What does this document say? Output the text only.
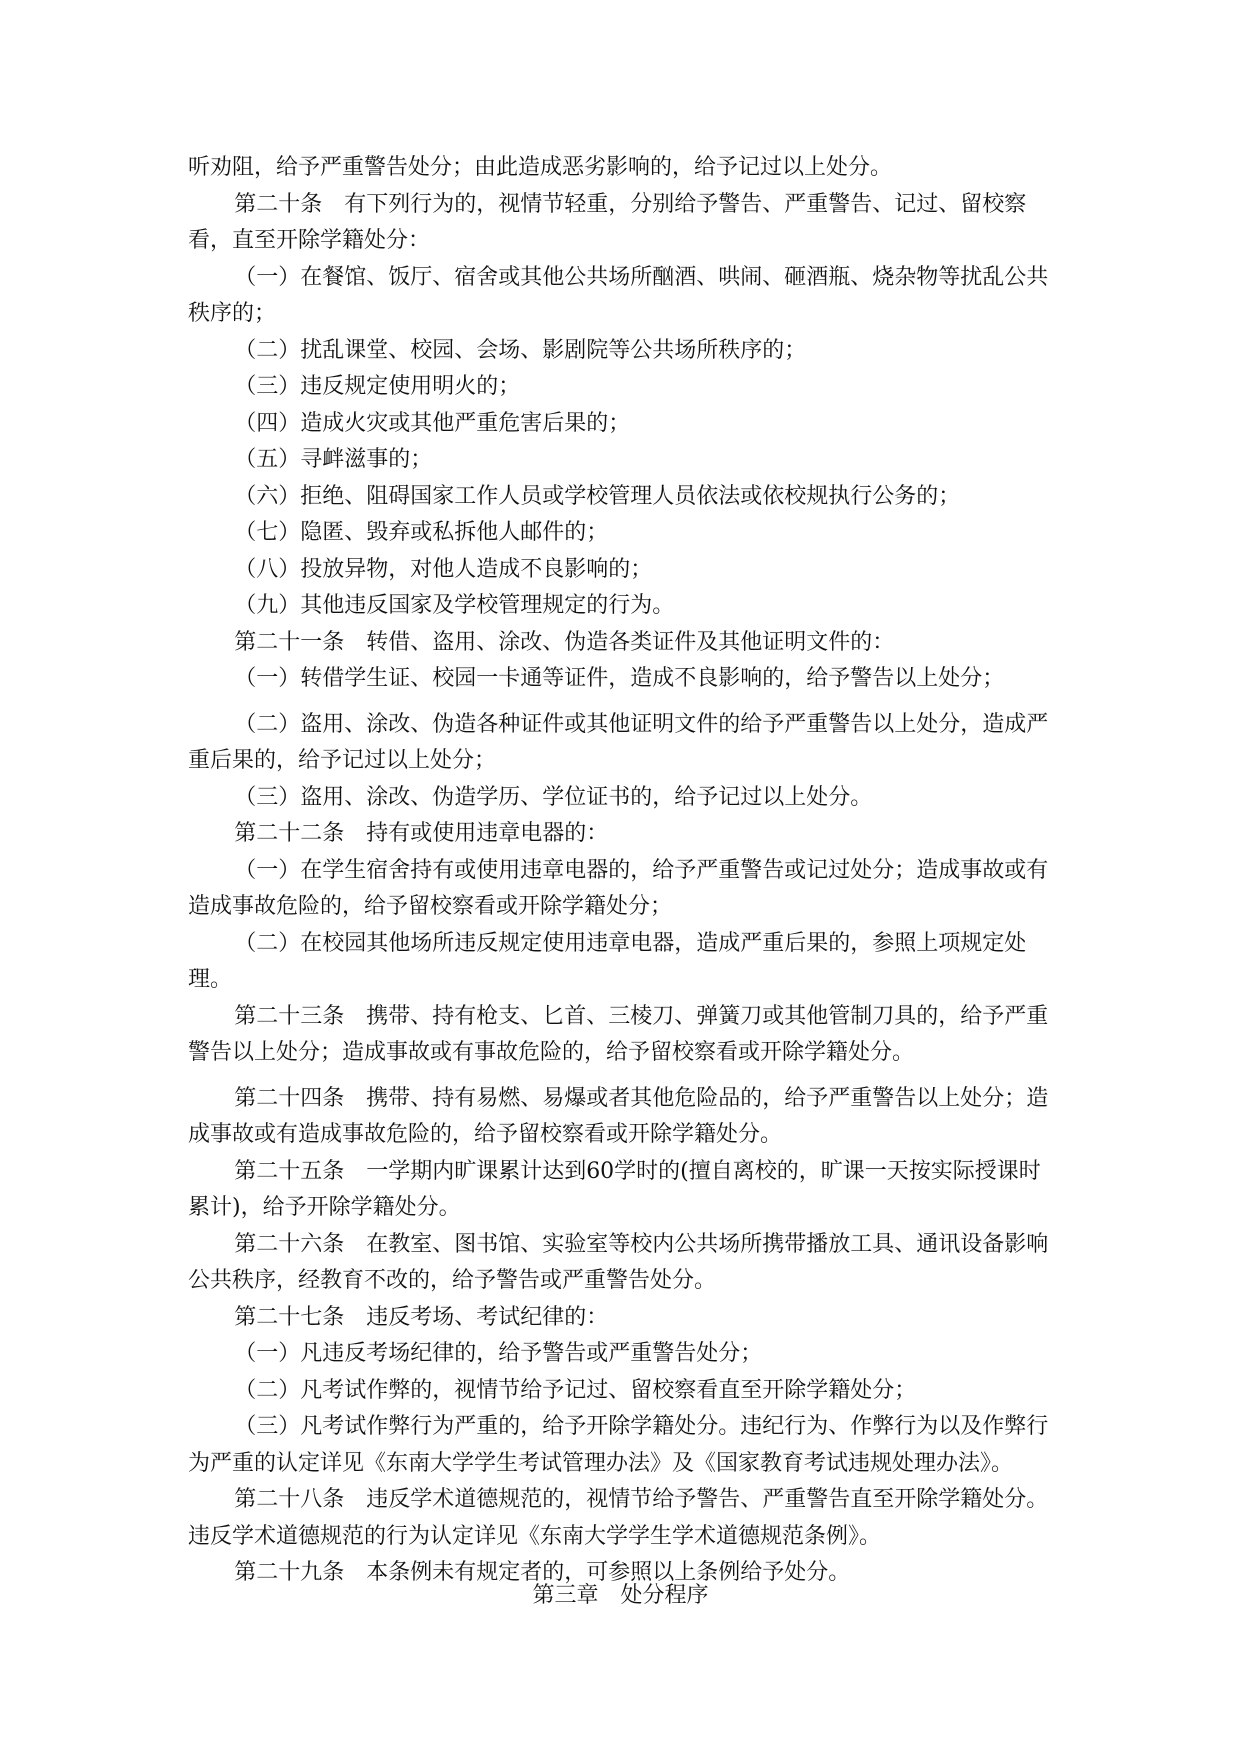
听劝阻，给予严重警告处分；由此造成恶劣影响的，给予记过以上处分。

第二十条　有下列行为的，视情节轻重，分别给予警告、严重警告、记过、留校察看，直至开除学籍处分：

（一）在餐馆、饭厅、宿舍或其他公共场所酗酒、哄闹、砸酒瓶、烧杂物等扰乱公共秩序的；

（二）扰乱课堂、校园、会场、影剧院等公共场所秩序的；

（三）违反规定使用明火的；

（四）造成火灾或其他严重危害后果的；

（五）寻衅滋事的；

（六）拒绝、阻碍国家工作人员或学校管理人员依法或依校规执行公务的；

（七）隐匿、毁弃或私拆他人邮件的；

（八）投放异物，对他人造成不良影响的；

（九）其他违反国家及学校管理规定的行为。

第二十一条　转借、盗用、涂改、伪造各类证件及其他证明文件的：

（一）转借学生证、校园一卡通等证件，造成不良影响的，给予警告以上处分；

（二）盗用、涂改、伪造各种证件或其他证明文件的给予严重警告以上处分，造成严重后果的，给予记过以上处分；

（三）盗用、涂改、伪造学历、学位证书的，给予记过以上处分。

第二十二条　持有或使用违章电器的：

（一）在学生宿舍持有或使用违章电器的，给予严重警告或记过处分；造成事故或有造成事故危险的，给予留校察看或开除学籍处分；

（二）在校园其他场所违反规定使用违章电器，造成严重后果的，参照上项规定处理。

第二十三条　携带、持有枪支、匕首、三棱刀、弹簧刀或其他管制刀具的，给予严重警告以上处分；造成事故或有事故危险的，给予留校察看或开除学籍处分。

第二十四条　携带、持有易燃、易爆或者其他危险品的，给予严重警告以上处分；造成事故或有造成事故危险的，给予留校察看或开除学籍处分。

第二十五条　一学期内旷课累计达到60学时的(擅自离校的，旷课一天按实际授课时累计)，给予开除学籍处分。

第二十六条　在教室、图书馆、实验室等校内公共场所携带播放工具、通讯设备影响公共秩序，经教育不改的，给予警告或严重警告处分。

第二十七条　违反考场、考试纪律的：

（一）凡违反考场纪律的，给予警告或严重警告处分；

（二）凡考试作弊的，视情节给予记过、留校察看直至开除学籍处分；

（三）凡考试作弊行为严重的，给予开除学籍处分。违纪行为、作弊行为以及作弊行为严重的认定详见《东南大学学生考试管理办法》及《国家教育考试违规处理办法》。

第二十八条　违反学术道德规范的，视情节给予警告、严重警告直至开除学籍处分。违反学术道德规范的行为认定详见《东南大学学生学术道德规范条例》。

第二十九条　本条例未有规定者的，可参照以上条例给予处分。

第三章　处分程序
